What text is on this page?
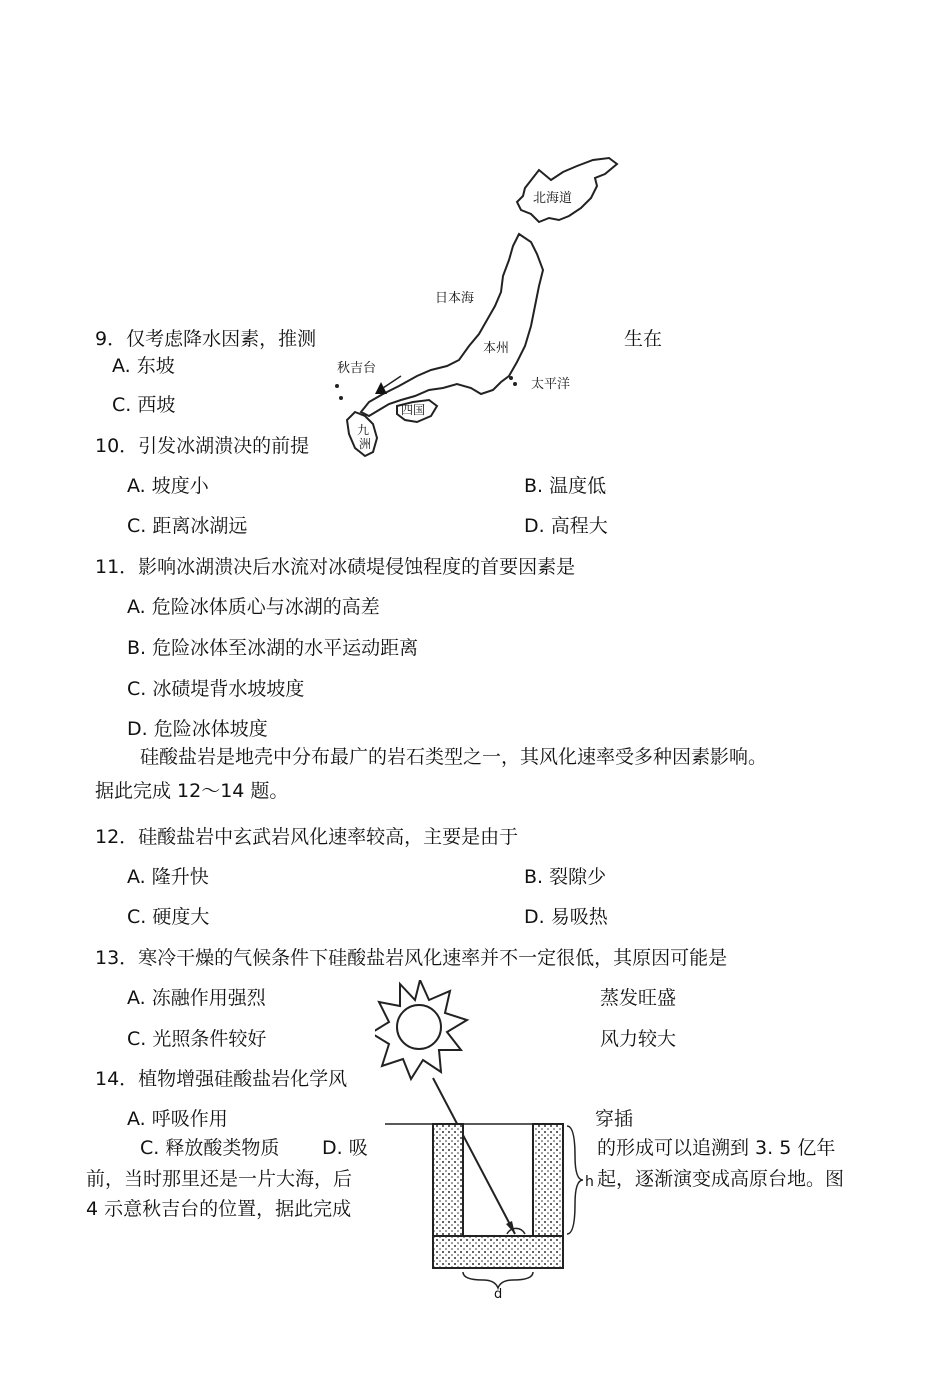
9．仅考虑降水因素，推测	生在
A. 东坡
C. 西坡
10．引发冰湖溃决的前提
A. 坡度小	B. 温度低
C. 距离冰湖远	D. 高程大
11．影响冰湖溃决后水流对冰碛堤侵蚀程度的首要因素是
A. 危险冰体质心与冰湖的高差
B. 危险冰体至冰湖的水平运动距离
C. 冰碛堤背水坡坡度
D. 危险冰体坡度
硅酸盐岩是地壳中分布最广的岩石类型之一，其风化速率受多种因素影响。
据此完成 12～14 题。
12．硅酸盐岩中玄武岩风化速率较高，主要是由于
A. 隆升快	B. 裂隙少
C. 硬度大	D. 易吸热
13．寒冷干燥的气候条件下硅酸盐岩风化速率并不一定很低，其原因可能是
A. 冻融作用强烈	蒸发旺盛
C. 光照条件较好	风力较大
14．植物增强硅酸盐岩化学风
A. 呼吸作用	穿插
C. 释放酸类物质 D. 吸	的形成可以追溯到 3. 5 亿年
前，当时那里还是一片大海，后	起，逐渐演变成高原台地。图
4 示意秋吉台的位置，据此完成
北海道
日本海
本州
太平洋
秋吉台
四国
九
洲
h
d
